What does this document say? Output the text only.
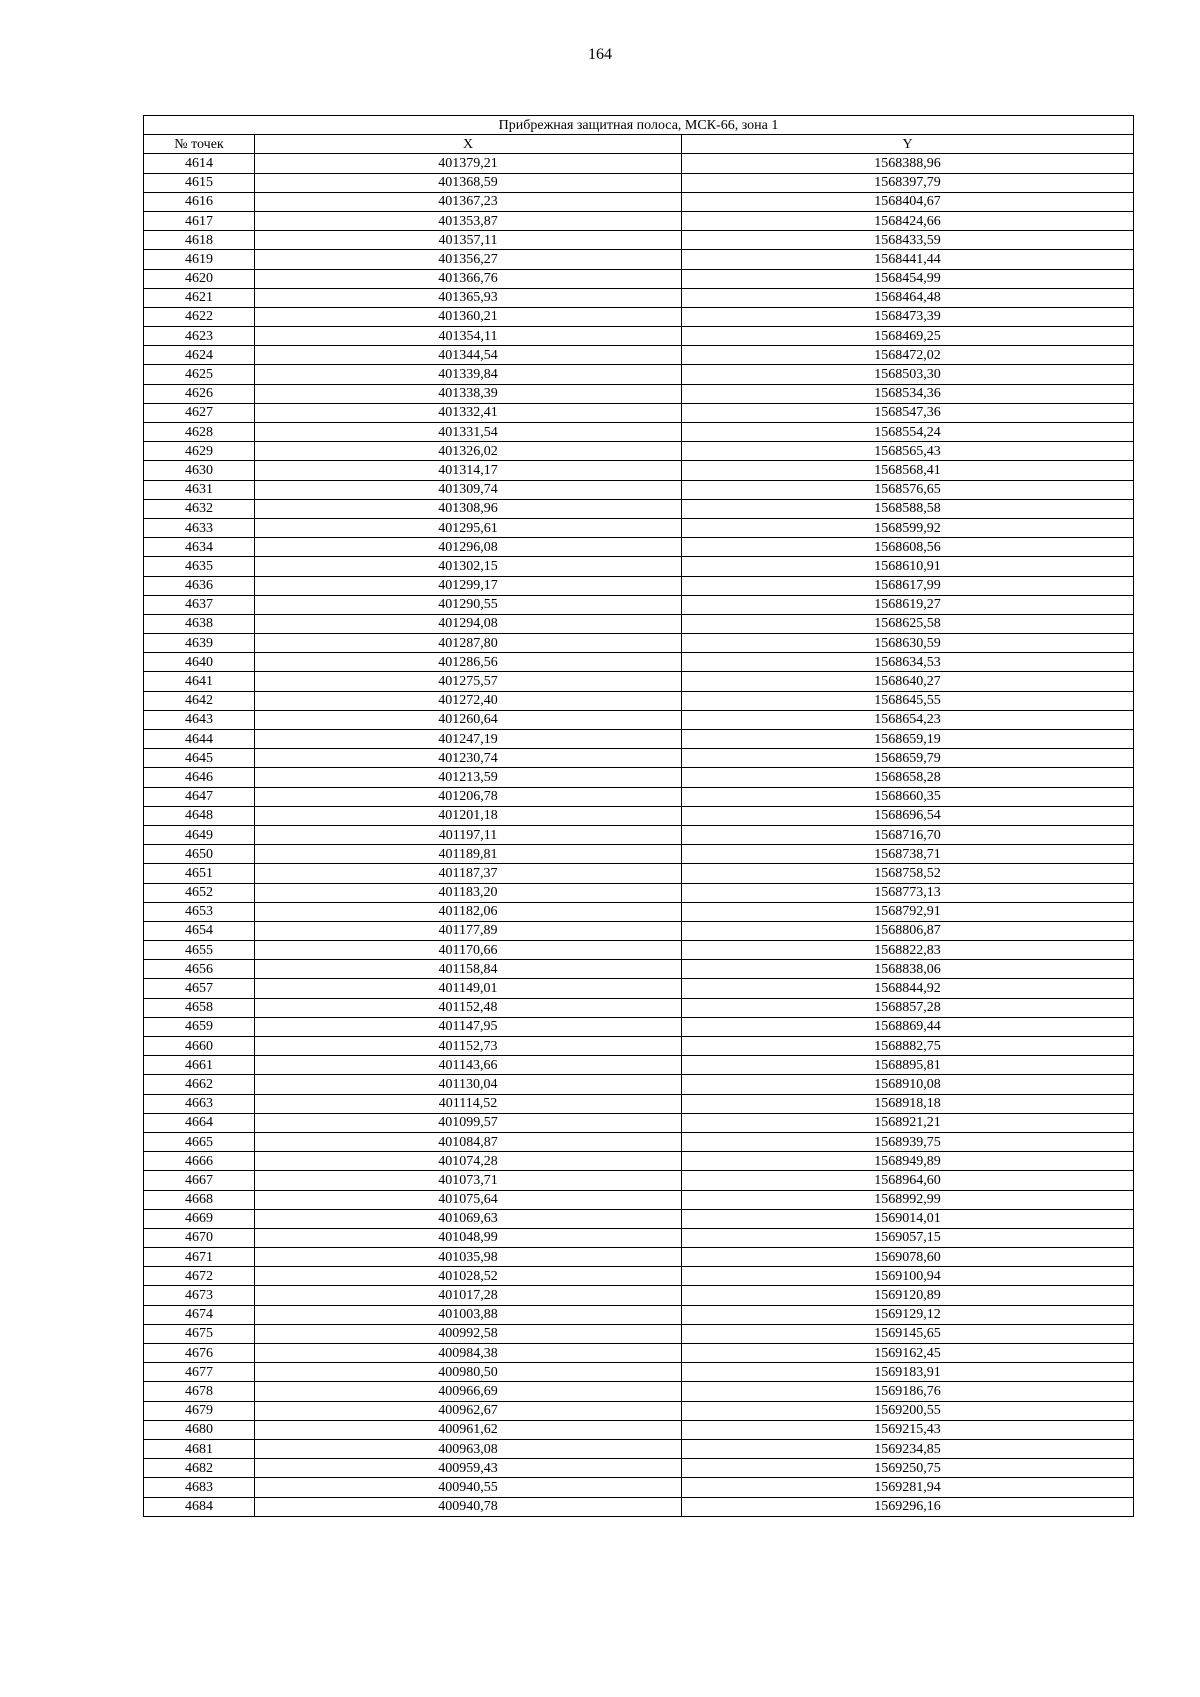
164
Прибрежная защитная полоса, МСК-66, зона 1		
№ точек	X	Y
4614	401379,21	1568388,96
4615	401368,59	1568397,79
4616	401367,23	1568404,67
4617	401353,87	1568424,66
4618	401357,11	1568433,59
4619	401356,27	1568441,44
4620	401366,76	1568454,99
4621	401365,93	1568464,48
4622	401360,21	1568473,39
4623	401354,11	1568469,25
4624	401344,54	1568472,02
4625	401339,84	1568503,30
4626	401338,39	1568534,36
4627	401332,41	1568547,36
4628	401331,54	1568554,24
4629	401326,02	1568565,43
4630	401314,17	1568568,41
4631	401309,74	1568576,65
4632	401308,96	1568588,58
4633	401295,61	1568599,92
4634	401296,08	1568608,56
4635	401302,15	1568610,91
4636	401299,17	1568617,99
4637	401290,55	1568619,27
4638	401294,08	1568625,58
4639	401287,80	1568630,59
4640	401286,56	1568634,53
4641	401275,57	1568640,27
4642	401272,40	1568645,55
4643	401260,64	1568654,23
4644	401247,19	1568659,19
4645	401230,74	1568659,79
4646	401213,59	1568658,28
4647	401206,78	1568660,35
4648	401201,18	1568696,54
4649	401197,11	1568716,70
4650	401189,81	1568738,71
4651	401187,37	1568758,52
4652	401183,20	1568773,13
4653	401182,06	1568792,91
4654	401177,89	1568806,87
4655	401170,66	1568822,83
4656	401158,84	1568838,06
4657	401149,01	1568844,92
4658	401152,48	1568857,28
4659	401147,95	1568869,44
4660	401152,73	1568882,75
4661	401143,66	1568895,81
4662	401130,04	1568910,08
4663	401114,52	1568918,18
4664	401099,57	1568921,21
4665	401084,87	1568939,75
4666	401074,28	1568949,89
4667	401073,71	1568964,60
4668	401075,64	1568992,99
4669	401069,63	1569014,01
4670	401048,99	1569057,15
4671	401035,98	1569078,60
4672	401028,52	1569100,94
4673	401017,28	1569120,89
4674	401003,88	1569129,12
4675	400992,58	1569145,65
4676	400984,38	1569162,45
4677	400980,50	1569183,91
4678	400966,69	1569186,76
4679	400962,67	1569200,55
4680	400961,62	1569215,43
4681	400963,08	1569234,85
4682	400959,43	1569250,75
4683	400940,55	1569281,94
4684	400940,78	1569296,16
